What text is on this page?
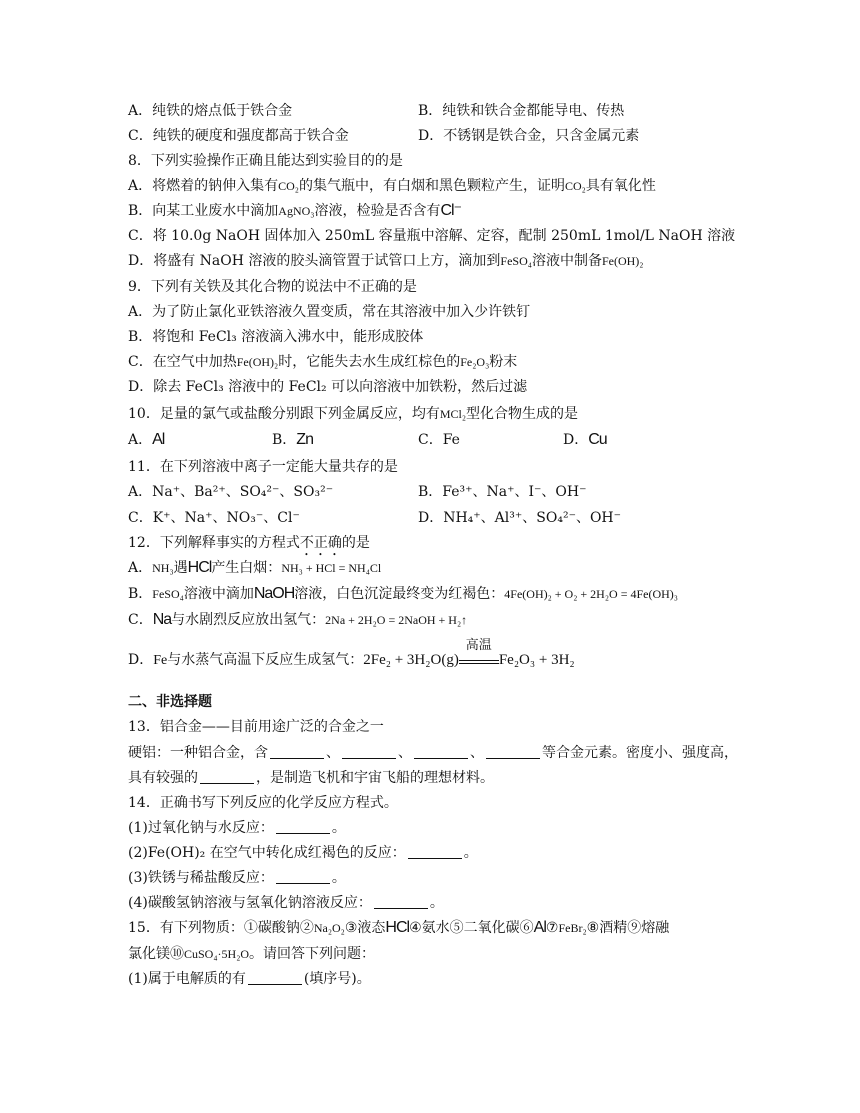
A．纯铁的熔点低于铁合金	B．纯铁和铁合金都能导电、传热
C．纯铁的硬度和强度都高于铁合金	D．不锈钢是铁合金，只含金属元素
8．下列实验操作正确且能达到实验目的的是
A．将燃着的钠伸入集有CO₂的集气瓶中，有白烟和黑色颗粒产生，证明CO₂具有氧化性
B．向某工业废水中滴加AgNO₃溶液，检验是否含有Cl⁻
C．将 10.0g NaOH 固体加入 250mL 容量瓶中溶解、定容，配制 250mL 1mol/L NaOH 溶液
D．将盛有 NaOH 溶液的胶头滴管置于试管口上方，滴加到FeSO₄溶液中制备Fe(OH)₂
9．下列有关铁及其化合物的说法中不正确的是
A．为了防止氯化亚铁溶液久置变质，常在其溶液中加入少许铁钉
B．将饱和 FeCl₃ 溶液滴入沸水中，能形成胶体
C．在空气中加热Fe(OH)₂时，它能失去水生成红棕色的Fe₂O₃粉末
D．除去 FeCl₃ 溶液中的 FeCl₂ 可以向溶液中加铁粉，然后过滤
10．足量的氯气或盐酸分别跟下列金属反应，均有MCl₂型化合物生成的是
A．Al	B．Zn	C．Fe	D．Cu
11．在下列溶液中离子一定能大量共存的是
A．Na⁺、Ba²⁺、SO₄²⁻、SO₃²⁻	B．Fe³⁺、Na⁺、I⁻、OH⁻
C．K⁺、Na⁺、NO₃⁻、Cl⁻	D．NH₄⁺、Al³⁺、SO₄²⁻、OH⁻
12．下列解释事实的方程式不正确的是
A．NH₃遇HCl产生白烟：NH₃ + HCl = NH₄Cl
B．FeSO₄溶液中滴加NaOH溶液，白色沉淀最终变为红褐色：4Fe(OH)₂ + O₂ + 2H₂O = 4Fe(OH)₃
C．Na与水剧烈反应放出氢气：2Na + 2H₂O = 2NaOH + H₂↑
D．Fe与水蒸气高温下反应生成氢气：2Fe₂ + 3H₂O(g)
高温
Fe₂O₃ + 3H₂
二、非选择题
13．铝合金——目前用途广泛的合金之一
硬铝：一种铝合金，含	、	、	、	等合金元素。密度小、强度高，
具有较强的	，是制造飞机和宇宙飞船的理想材料。
14．正确书写下列反应的化学反应方程式。
(1)过氧化钠与水反应：	。
(2)Fe(OH)₂ 在空气中转化成红褐色的反应：	。
(3)铁锈与稀盐酸反应：	。
(4)碳酸氢钠溶液与氢氧化钠溶液反应：	。
15．有下列物质：①碳酸钠②Na₂O₂③液态HCl④氨水⑤二氧化碳⑥Al⑦FeBr₂⑧酒精⑨熔融
氯化镁⑩CuSO₄·5H₂O。请回答下列问题：
(1)属于电解质的有	(填序号)。
